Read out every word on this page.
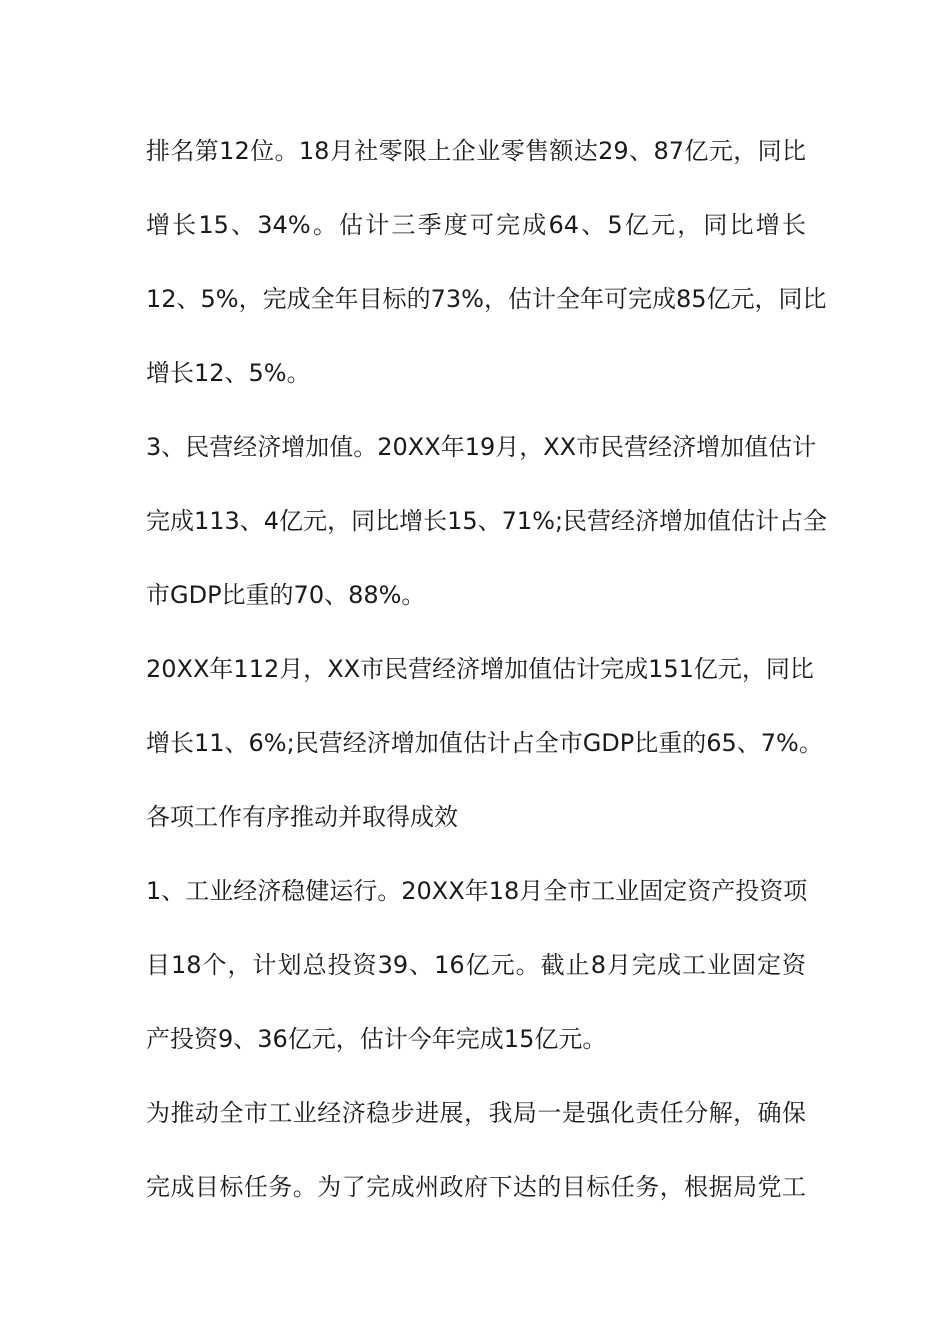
排名第12位。18月社零限上企业零售额达29、87亿元，同比
增长15、34%。估计三季度可完成64、5亿元，同比增长
12、5%，完成全年目标的73%，估计全年可完成85亿元，同比
增长12、5%。
3、民营经济增加值。20XX年19月，XX市民营经济增加值估计
完成113、4亿元，同比增长15、71%;民营经济增加值估计占全
市GDP比重的70、88%。
20XX年112月，XX市民营经济增加值估计完成151亿元，同比
增长11、6%;民营经济增加值估计占全市GDP比重的65、7%。
各项工作有序推动并取得成效
1、工业经济稳健运行。20XX年18月全市工业固定资产投资项
目18个，计划总投资39、16亿元。截止8月完成工业固定资
产投资9、36亿元，估计今年完成15亿元。
为推动全市工业经济稳步进展，我局一是强化责任分解，确保
完成目标任务。为了完成州政府下达的目标任务，根据局党工
